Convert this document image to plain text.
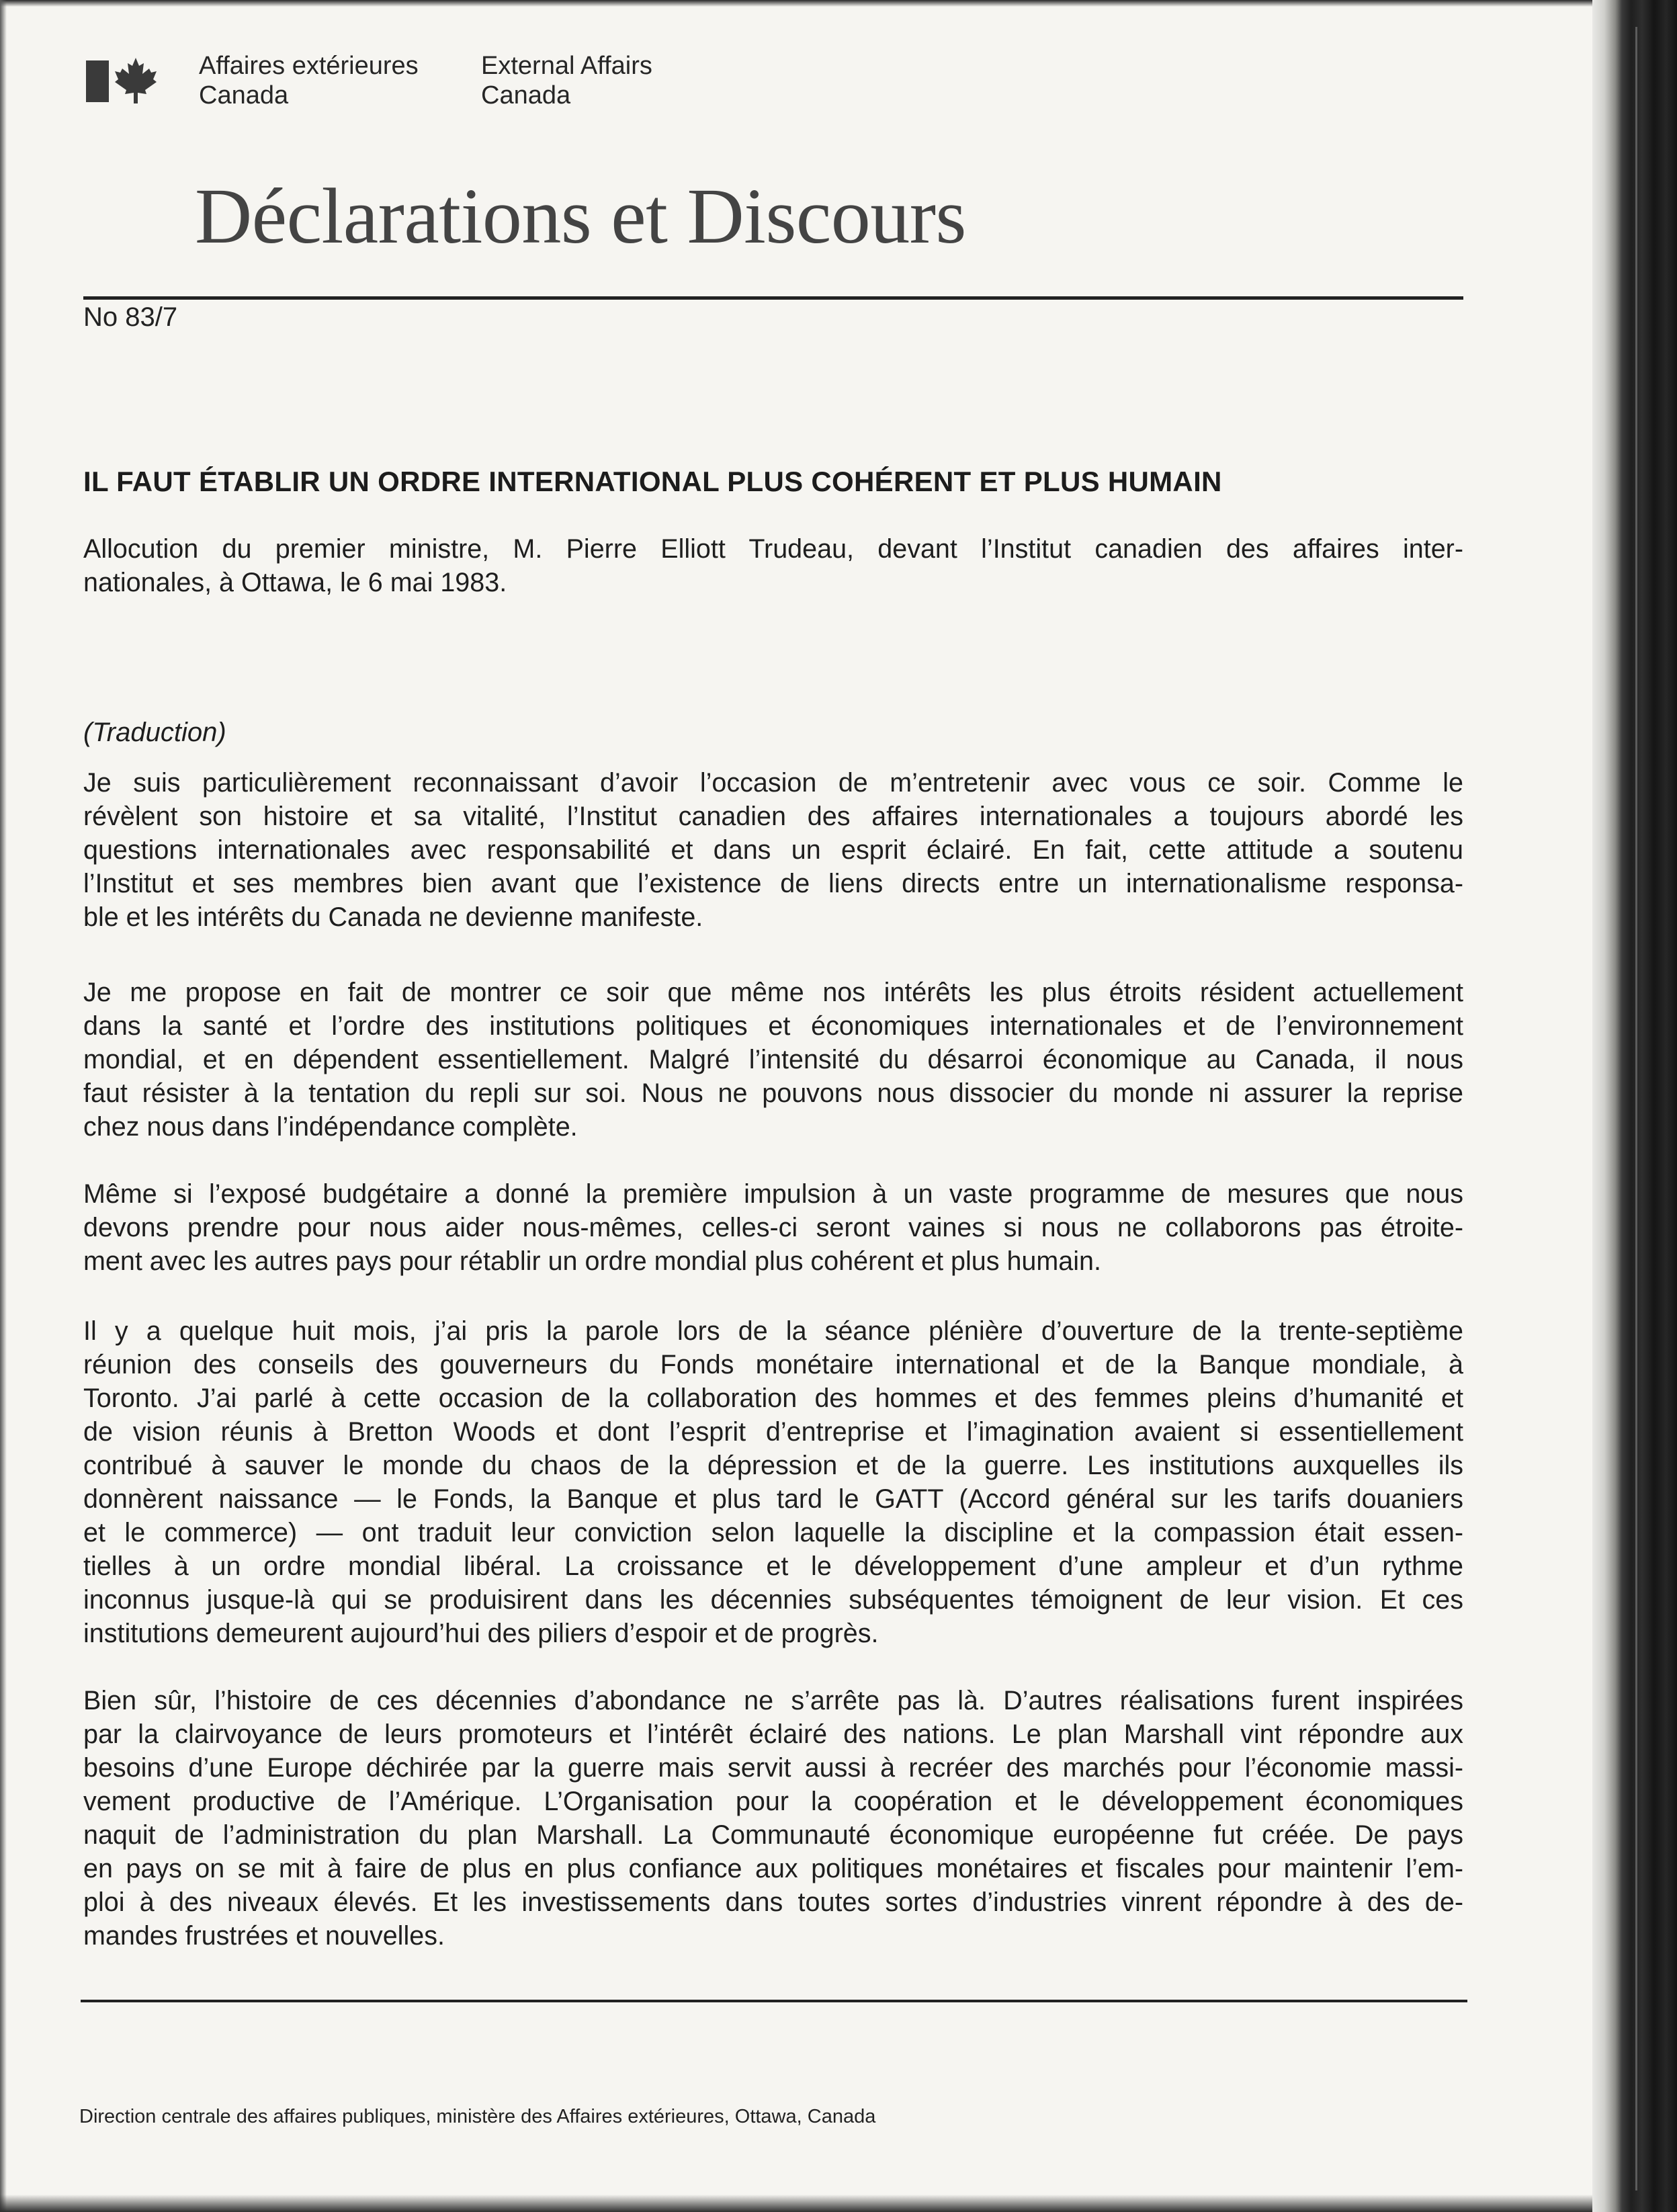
Affaires extérieures
Canada
External Affairs
Canada
Déclarations et Discours
No 83/7
IL FAUT ÉTABLIR UN ORDRE INTERNATIONAL PLUS COHÉRENT ET PLUS HUMAIN
Allocution du premier ministre, M. Pierre Elliott Trudeau, devant l’Institut canadien des affaires inter-
nationales, à Ottawa, le 6 mai 1983.
(Traduction)
Je suis particulièrement reconnaissant d’avoir l’occasion de m’entretenir avec vous ce soir. Comme le
révèlent son histoire et sa vitalité, l’Institut canadien des affaires internationales a toujours abordé les
questions internationales avec responsabilité et dans un esprit éclairé. En fait, cette attitude a soutenu
l’Institut et ses membres bien avant que l’existence de liens directs entre un internationalisme responsa-
ble et les intérêts du Canada ne devienne manifeste.
Je me propose en fait de montrer ce soir que même nos intérêts les plus étroits résident actuellement
dans la santé et l’ordre des institutions politiques et économiques internationales et de l’environnement
mondial, et en dépendent essentiellement. Malgré l’intensité du désarroi économique au Canada, il nous
faut résister à la tentation du repli sur soi. Nous ne pouvons nous dissocier du monde ni assurer la reprise
chez nous dans l’indépendance complète.
Même si l’exposé budgétaire a donné la première impulsion à un vaste programme de mesures que nous
devons prendre pour nous aider nous-mêmes, celles-ci seront vaines si nous ne collaborons pas étroite-
ment avec les autres pays pour rétablir un ordre mondial plus cohérent et plus humain.
Il y a quelque huit mois, j’ai pris la parole lors de la séance plénière d’ouverture de la trente-septième
réunion des conseils des gouverneurs du Fonds monétaire international et de la Banque mondiale, à
Toronto. J’ai parlé à cette occasion de la collaboration des hommes et des femmes pleins d’humanité et
de vision réunis à Bretton Woods et dont l’esprit d’entreprise et l’imagination avaient si essentiellement
contribué à sauver le monde du chaos de la dépression et de la guerre. Les institutions auxquelles ils
donnèrent naissance — le Fonds, la Banque et plus tard le GATT (Accord général sur les tarifs douaniers
et le commerce) — ont traduit leur conviction selon laquelle la discipline et la compassion était essen-
tielles à un ordre mondial libéral. La croissance et le développement d’une ampleur et d’un rythme
inconnus jusque-là qui se produisirent dans les décennies subséquentes témoignent de leur vision. Et ces
institutions demeurent aujourd’hui des piliers d’espoir et de progrès.
Bien sûr, l’histoire de ces décennies d’abondance ne s’arrête pas là. D’autres réalisations furent inspirées
par la clairvoyance de leurs promoteurs et l’intérêt éclairé des nations. Le plan Marshall vint répondre aux
besoins d’une Europe déchirée par la guerre mais servit aussi à recréer des marchés pour l’économie massi-
vement productive de l’Amérique. L’Organisation pour la coopération et le développement économiques
naquit de l’administration du plan Marshall. La Communauté économique européenne fut créée. De pays
en pays on se mit à faire de plus en plus confiance aux politiques monétaires et fiscales pour maintenir l’em-
ploi à des niveaux élevés. Et les investissements dans toutes sortes d’industries vinrent répondre à des de-
mandes frustrées et nouvelles.
Direction centrale des affaires publiques, ministère des Affaires extérieures, Ottawa, Canada
